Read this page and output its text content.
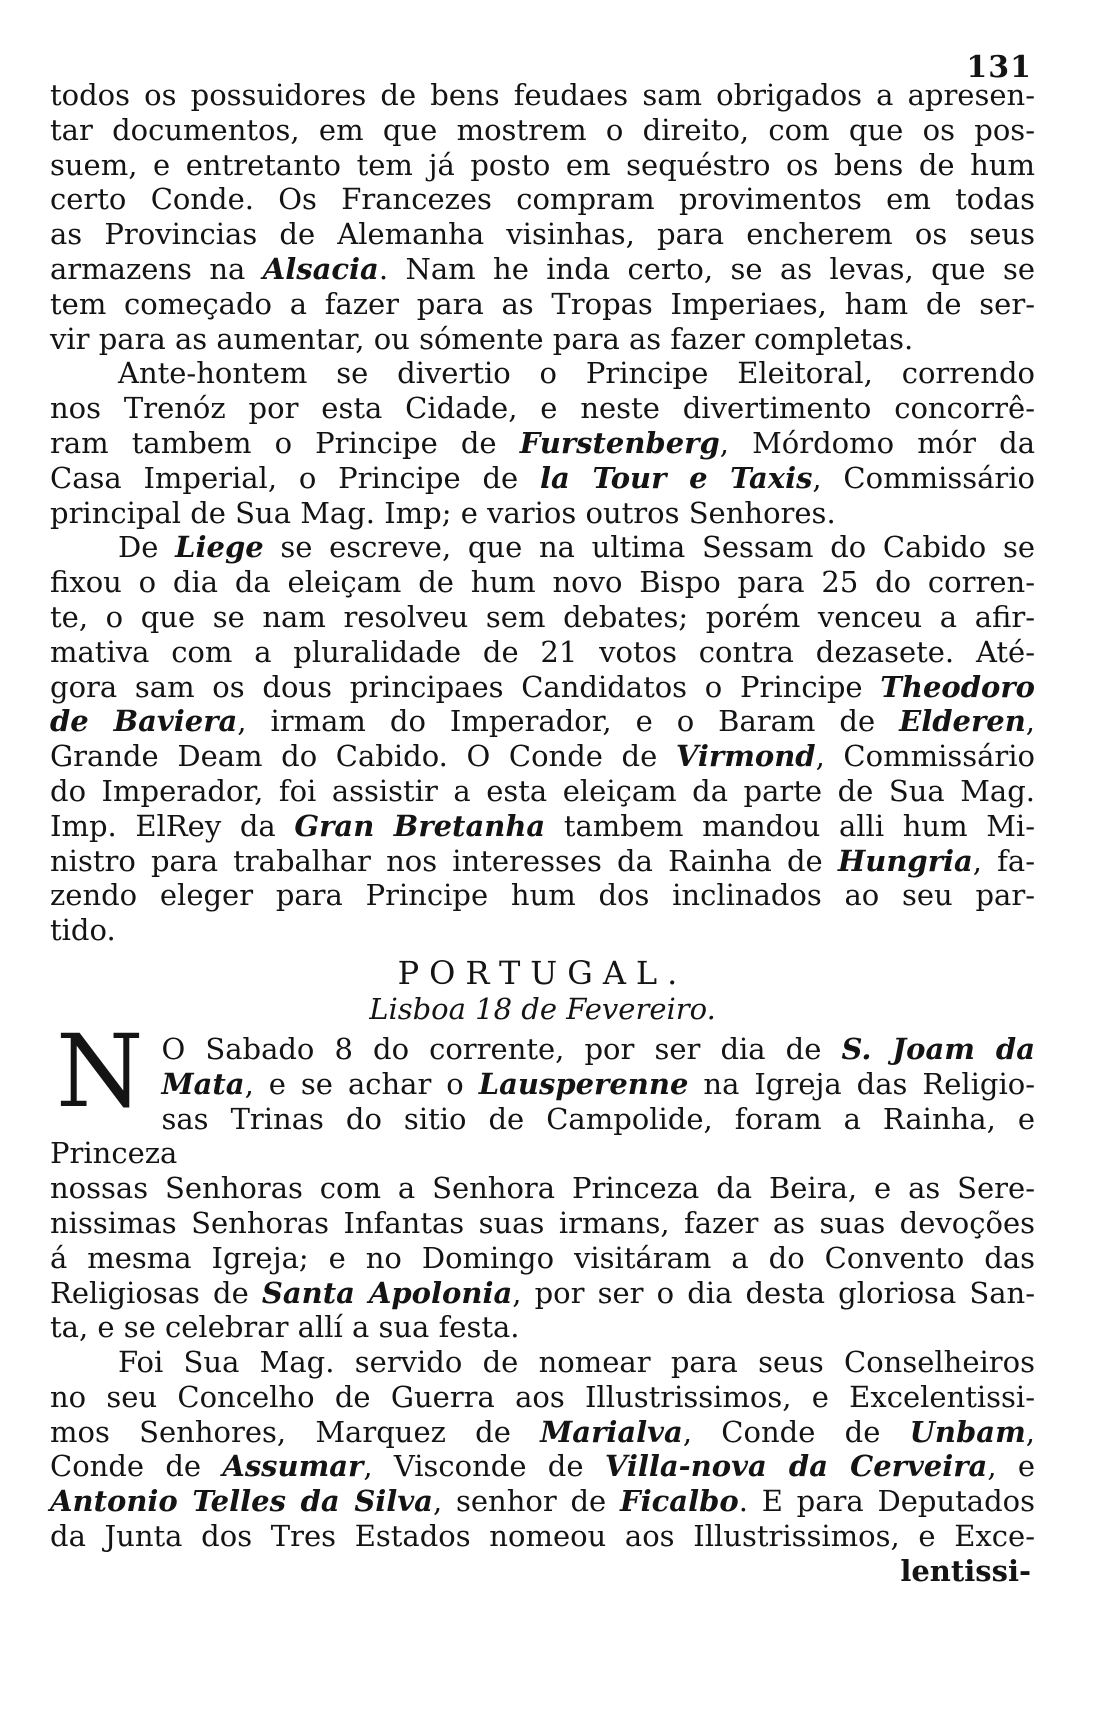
131

todos os possuidores de bens feudaes sam obrigados a apresen-

tar documentos, em que mostrem o direito, com que os pos-

suem, e entretanto tem já posto em sequéstro os bens de hum

certo Conde. Os Francezes compram provimentos em todas

as Provincias de Alemanha visinhas, para encherem os seus

armazens na Alsacia. Nam he inda certo, se as levas, que se

tem começado a fazer para as Tropas Imperiaes, ham de ser-

vir para as aumentar, ou sómente para as fazer completas.

Ante-hontem se divertio o Principe Eleitoral, correndo

nos Trenóz por esta Cidade, e neste divertimento concorrê-

ram tambem o Principe de Furstenberg, Mórdomo mór da

Casa Imperial, o Principe de la Tour e Taxis, Commissário

principal de Sua Mag. Imp; e varios outros Senhores.

De Liege se escreve, que na ultima Sessam do Cabido se

fixou o dia da eleiçam de hum novo Bispo para 25 do corren-

te, o que se nam resolveu sem debates; porém venceu a afir-

mativa com a pluralidade de 21 votos contra dezasete. Até-

gora sam os dous principaes Candidatos o Principe Theodoro

de Baviera, irmam do Imperador, e o Baram de Elderen,

Grande Deam do Cabido. O Conde de Virmond, Commissário

do Imperador, foi assistir a esta eleiçam da parte de Sua Mag.

Imp. ElRey da Gran Bretanha tambem mandou alli hum Mi-

nistro para trabalhar nos interesses da Rainha de Hungria, fa-

zendo eleger para Principe hum dos inclinados ao seu par-

tido.

PORTUGAL.
Lisboa 18 de Fevereiro.
N O Sabado 8 do corrente, por ser dia de S. Joam da

Mata, e se achar o Lausperenne na Igreja das Religio-

sas Trinas do sitio de Campolide, foram a Rainha, e Princeza

nossas Senhoras com a Senhora Princeza da Beira, e as Sere-

nissimas Senhoras Infantas suas irmans, fazer as suas devoções

á mesma Igreja; e no Domingo visitáram a do Convento das

Religiosas de Santa Apolonia, por ser o dia desta gloriosa San-

ta, e se celebrar allí a sua festa.

Foi Sua Mag. servido de nomear para seus Conselheiros

no seu Concelho de Guerra aos Illustrissimos, e Excelentissi-

mos Senhores, Marquez de Marialva, Conde de Unbam,

Conde de Assumar, Visconde de Villa-nova da Cerveira, e

Antonio Telles da Silva, senhor de Ficalbo. E para Deputados

da Junta dos Tres Estados nomeou aos Illustrissimos, e Exce-

lentissi-
